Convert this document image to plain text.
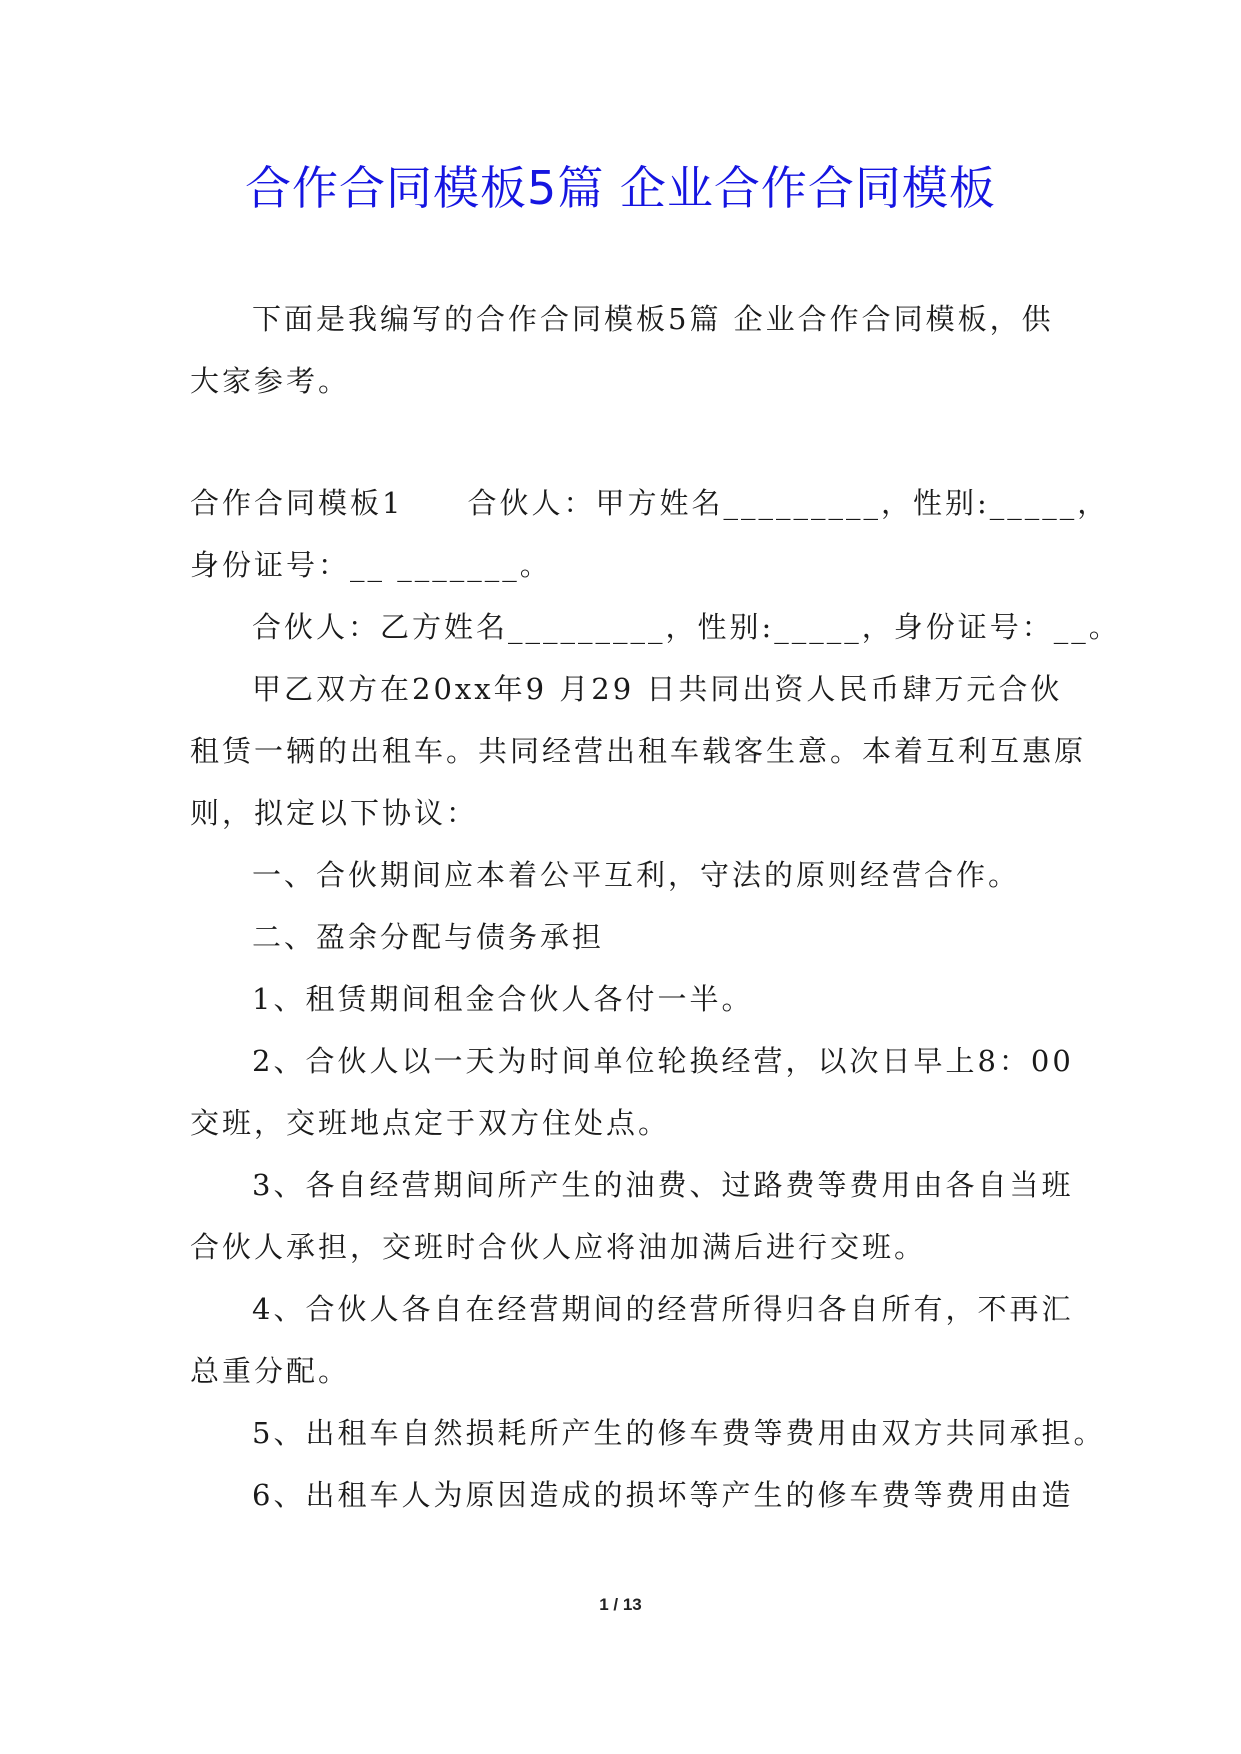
合作合同模板5篇 企业合作合同模板

下面是我编写的合作合同模板5篇 企业合作合同模板，供

大家参考。

合作合同模板1　　合伙人：甲方姓名_________，性别:_____，

身份证号：__ _______。

合伙人：乙方姓名_________，性别:_____，身份证号：__。

甲乙双方在20xx年9 月29 日共同出资人民币肆万元合伙

租赁一辆的出租车。共同经营出租车载客生意。本着互利互惠原

则，拟定以下协议：

一、合伙期间应本着公平互利，守法的原则经营合作。

二、盈余分配与债务承担

1、租赁期间租金合伙人各付一半。

2、合伙人以一天为时间单位轮换经营，以次日早上8：00

交班，交班地点定于双方住处点。

3、各自经营期间所产生的油费、过路费等费用由各自当班

合伙人承担，交班时合伙人应将油加满后进行交班。

4、合伙人各自在经营期间的经营所得归各自所有，不再汇

总重分配。

5、出租车自然损耗所产生的修车费等费用由双方共同承担。

6、出租车人为原因造成的损坏等产生的修车费等费用由造

1 / 13
